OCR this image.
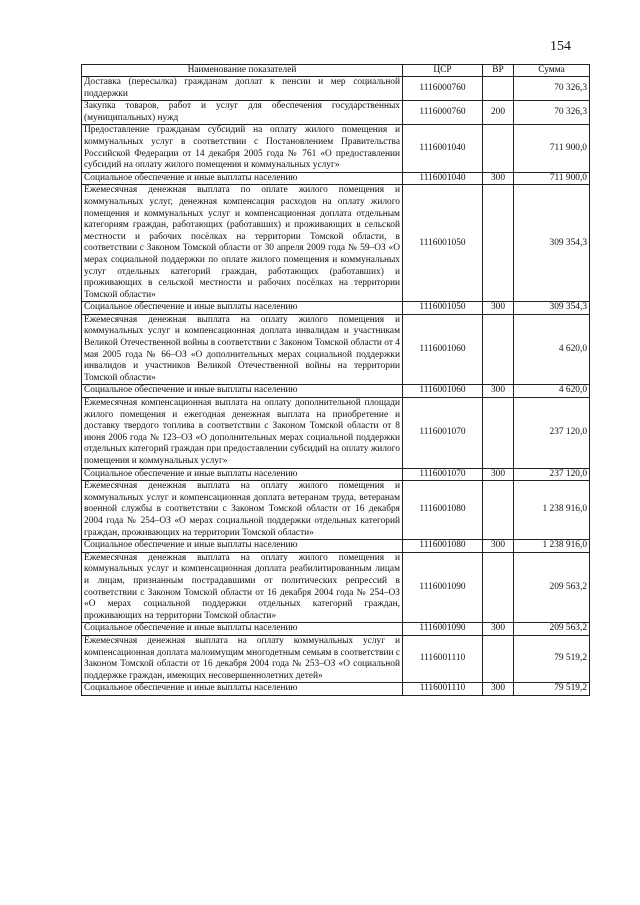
154
Наименование показателей	ЦСР	ВР	Сумма
Доставка (пересылка) гражданам доплат к пенсии и мер социальной поддержки	1116000760		70 326,3
Закупка товаров, работ и услуг для обеспечения государственных (муниципальных) нужд	1116000760	200	70 326,3
Предоставление гражданам субсидий на оплату жилого помещения и коммунальных услуг в соответствии с Постановлением Правительства Российской Федерации от 14 декабря 2005 года № 761 «О предоставлении субсидий на оплату жилого помещения и коммунальных услуг»	1116001040		711 900,0
Социальное обеспечение и иные выплаты населению	1116001040	300	711 900,0
Ежемесячная денежная выплата по оплате жилого помещения и коммунальных услуг, денежная компенсация расходов на оплату жилого помещения и коммунальных услуг и компенсационная доплата отдельным категориям граждан, работающих (работавших) и проживающих в сельской местности и рабочих посёлках на территории Томской области, в соответствии с Законом Томской области от 30 апреля 2009 года № 59–ОЗ «О мерах социальной поддержки по оплате жилого помещения и коммунальных услуг отдельных категорий граждан, работающих (работавших) и проживающих в сельской местности и рабочих посёлках на территории Томской области»	1116001050		309 354,3
Социальное обеспечение и иные выплаты населению	1116001050	300	309 354,3
Ежемесячная денежная выплата на оплату жилого помещения и коммунальных услуг и компенсационная доплата инвалидам и участникам Великой Отечественной войны в соответствии с Законом Томской области от 4 мая 2005 года № 66–ОЗ «О дополнительных мерах социальной поддержки инвалидов и участников Великой Отечественной войны на территории Томской области»	1116001060		4 620,0
Социальное обеспечение и иные выплаты населению	1116001060	300	4 620,0
Ежемесячная компенсационная выплата на оплату дополнительной площади жилого помещения и ежегодная денежная выплата на приобретение и доставку твердого топлива в соответствии с Законом Томской области от 8 июня 2006 года № 123–ОЗ «О дополнительных мерах социальной поддержки отдельных категорий граждан при предоставлении субсидий на оплату жилого помещения и коммунальных услуг»	1116001070		237 120,0
Социальное обеспечение и иные выплаты населению	1116001070	300	237 120,0
Ежемесячная денежная выплата на оплату жилого помещения и коммунальных услуг и компенсационная доплата ветеранам труда, ветеранам военной службы в соответствии с Законом Томской области от 16 декабря 2004 года № 254–ОЗ «О мерах социальной поддержки отдельных категорий граждан, проживающих на территории Томской области»	1116001080		1 238 916,0
Социальное обеспечение и иные выплаты населению	1116001080	300	1 238 916,0
Ежемесячная денежная выплата на оплату жилого помещения и коммунальных услуг и компенсационная доплата реабилитированным лицам и лицам, признанным пострадавшими от политических репрессий в соответствии с Законом Томской области от 16 декабря 2004 года № 254–ОЗ «О мерах социальной поддержки отдельных категорий граждан, проживающих на территории Томской области»	1116001090		209 563,2
Социальное обеспечение и иные выплаты населению	1116001090	300	209 563,2
Ежемесячная денежная выплата на оплату коммунальных услуг и компенсационная доплата малоимущим многодетным семьям в соответствии с Законом Томской области от 16 декабря 2004 года № 253–ОЗ «О социальной поддержке граждан, имеющих несовершеннолетних детей»	1116001110		79 519,2
Социальное обеспечение и иные выплаты населению	1116001110	300	79 519,2
